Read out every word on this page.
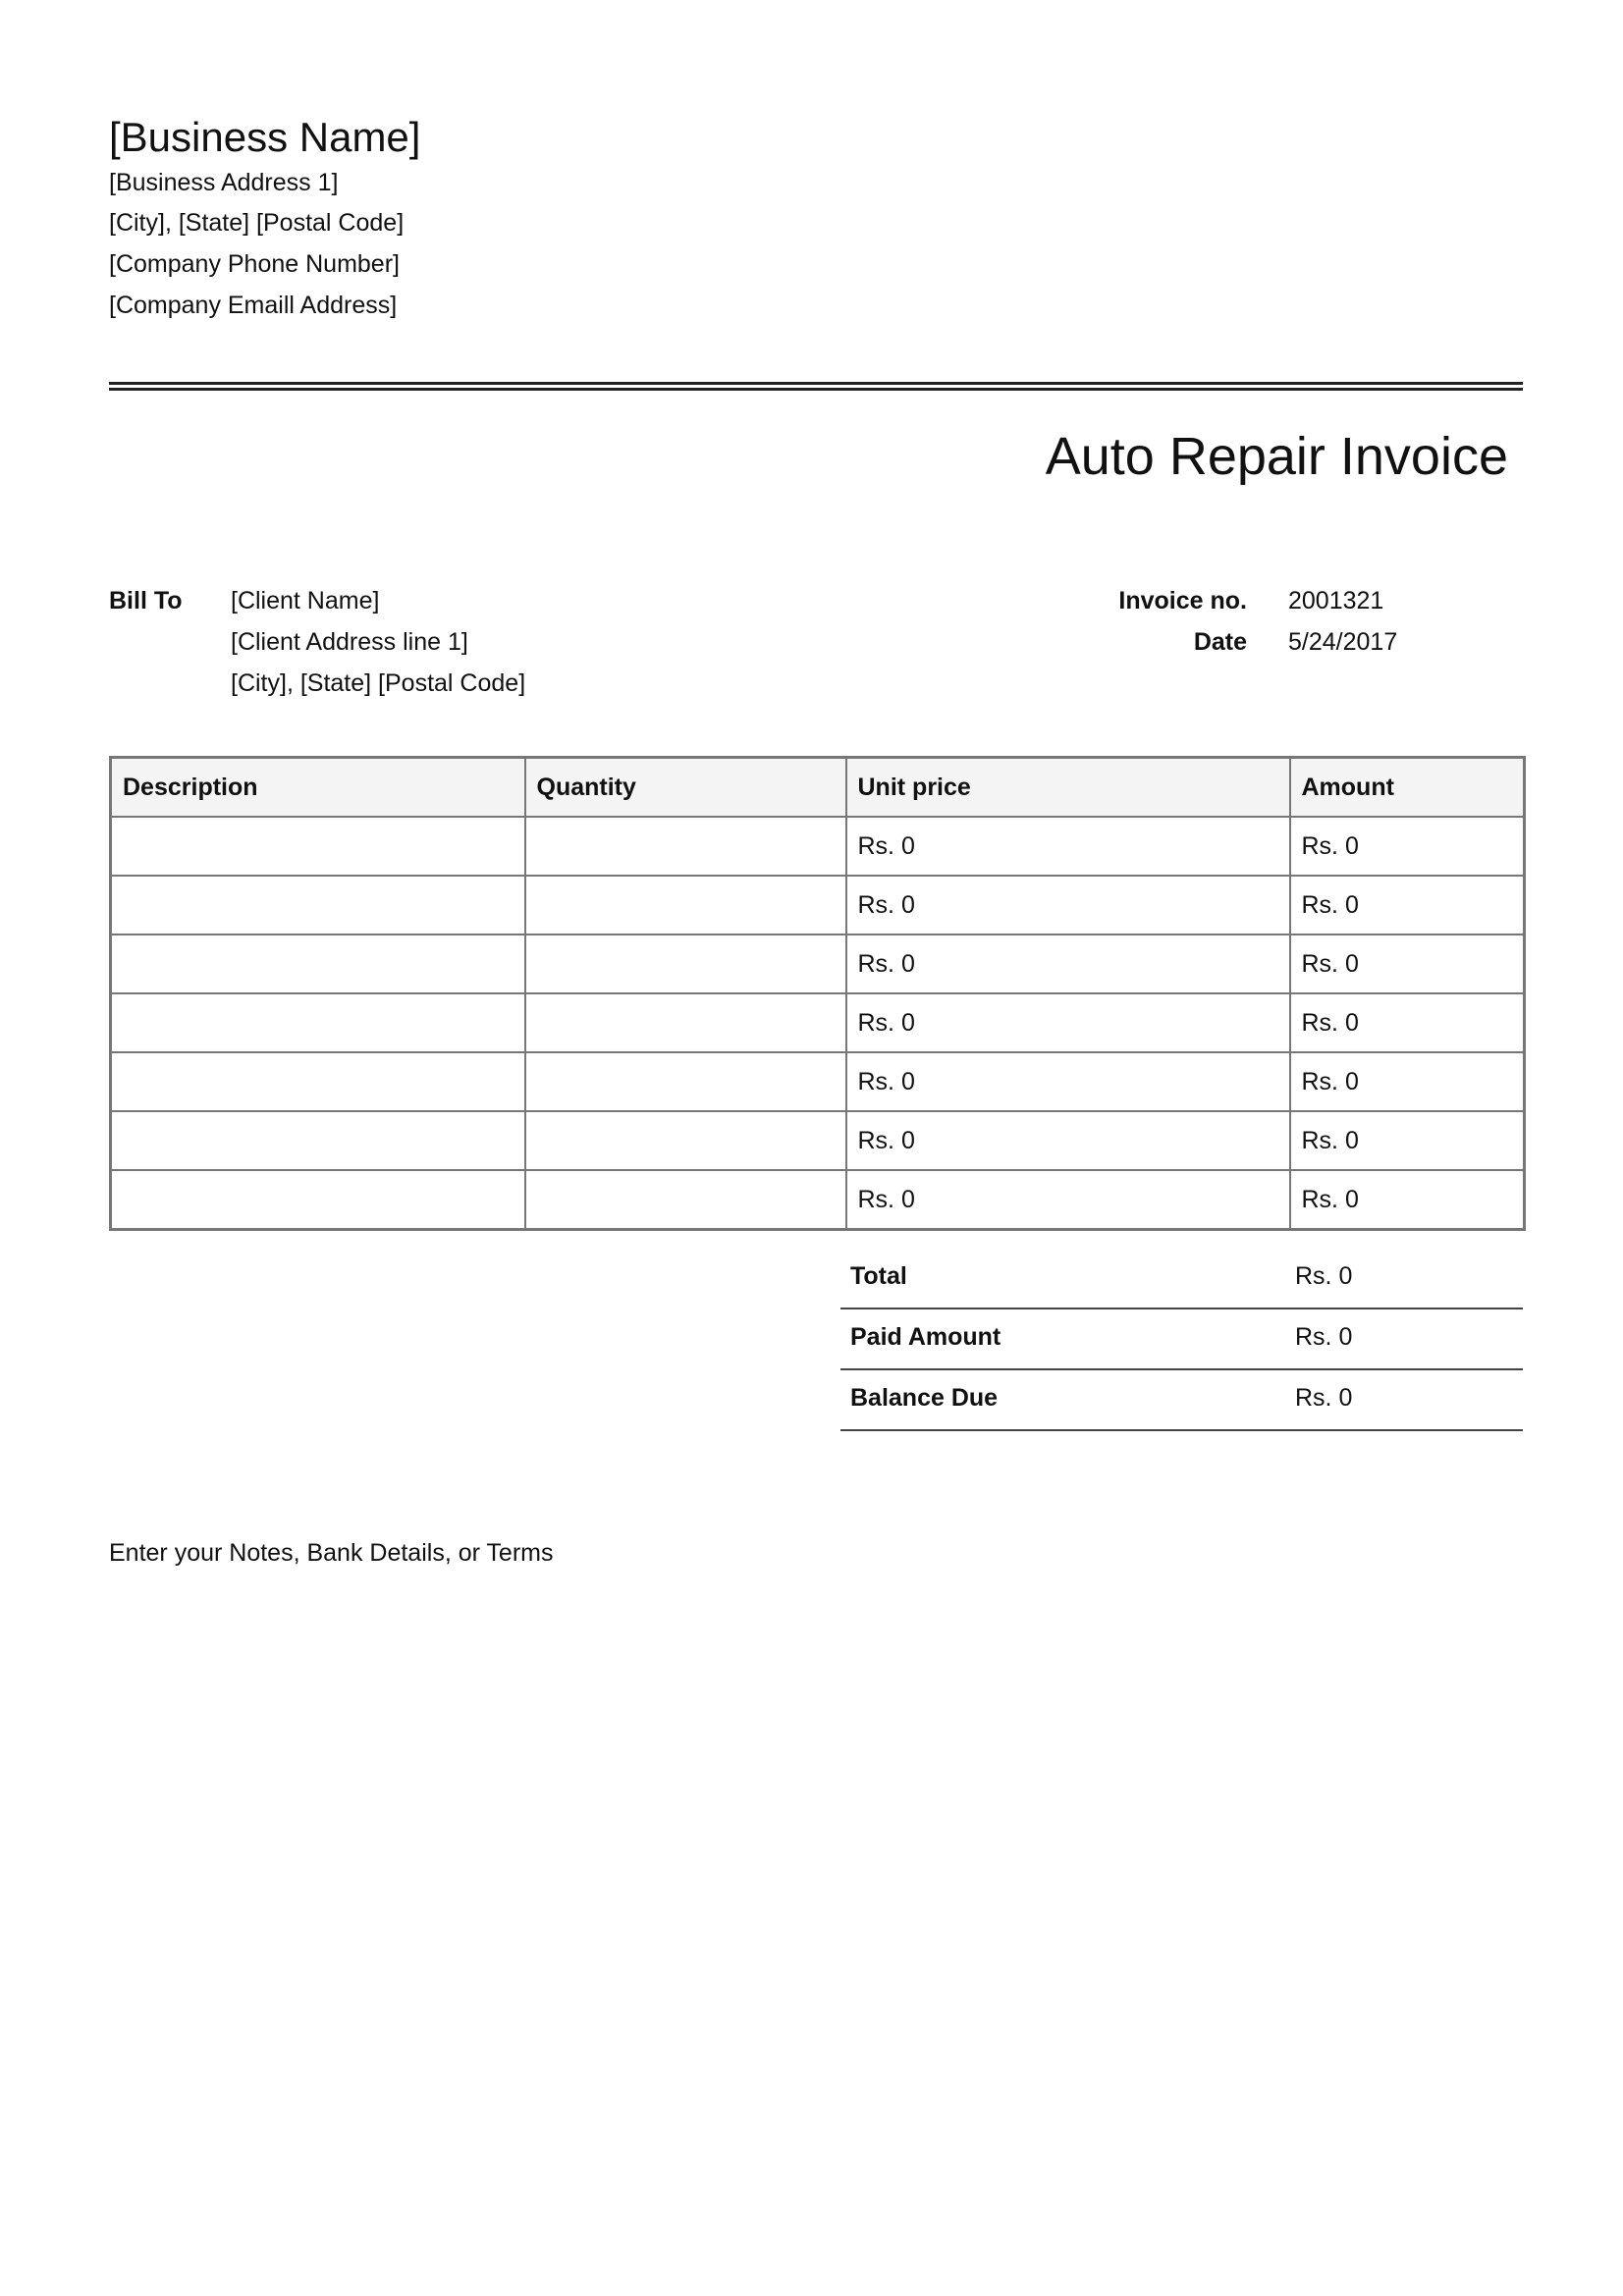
[Business Name]
[Business Address 1]
[City], [State] [Postal Code]
[Company Phone Number]
[Company Emaill Address]
Auto Repair Invoice
Bill To [Client Name]
[Client Address line 1]
[City], [State] [Postal Code]
Invoice no. 2001321
Date 5/24/2017
Description	Quantity	Unit price	Amount
		Rs. 0	Rs. 0
		Rs. 0	Rs. 0
		Rs. 0	Rs. 0
		Rs. 0	Rs. 0
		Rs. 0	Rs. 0
		Rs. 0	Rs. 0
		Rs. 0	Rs. 0
Total	Rs. 0
Paid Amount	Rs. 0
Balance Due	Rs. 0
Enter your Notes, Bank Details, or Terms
